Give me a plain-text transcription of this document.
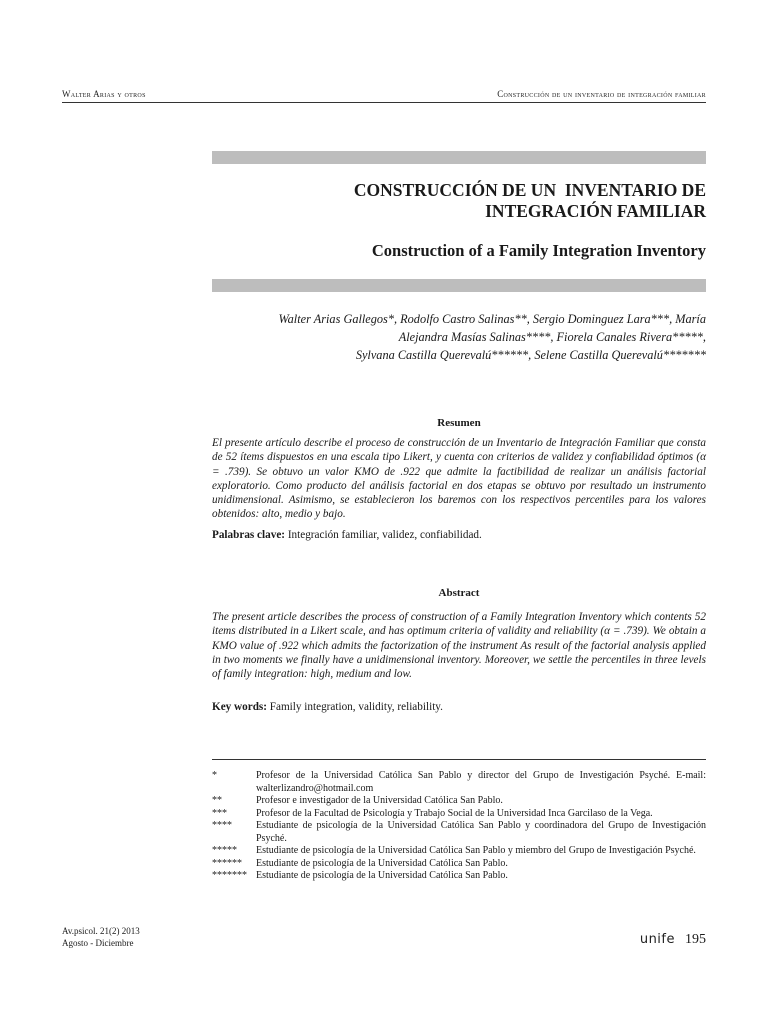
Walter Arias y otros	Construcción de un inventario de integración familiar
CONSTRUCCIÓN DE UN  INVENTARIO DE
INTEGRACIÓN FAMILIAR
Construction of a Family Integration Inventory
Walter Arias Gallegos*, Rodolfo Castro Salinas**, Sergio Dominguez Lara***, María
Alejandra Masías Salinas****, Fiorela Canales Rivera*****,
Sylvana Castilla Querevalú******, Selene Castilla Querevalú*******
Resumen
El presente artículo describe el proceso de construcción de un Inventario de Integración Familiar que consta de 52 ítems dispuestos en una escala tipo Likert, y cuenta con criterios de validez y confiabilidad óptimos (α = .739). Se obtuvo un valor KMO de .922 que admite la factibilidad de realizar un análisis factorial exploratorio. Como producto del análisis factorial en dos etapas se obtuvo por resultado un instrumento unidimensional. Asimismo, se establecieron los baremos con los respectivos percentiles para los valores obtenidos: alto, medio y bajo.
Palabras clave: Integración familiar, validez, confiabilidad.
Abstract
The present article describes the process of construction of a Family Integration Inventory which contents 52 items distributed in a Likert scale, and has optimum criteria of validity and reliability (α = .739). We obtain a KMO value of .922 which admits the factorization of the instrument As result of the factorial analysis applied in two moments we finally have a unidimensional inventory. Moreover, we settle the percentiles in three levels of family integration: high, medium and low.
Key words: Family integration, validity, reliability.
*	Profesor de la Universidad Católica San Pablo y director del Grupo de Investigación Psyché. E-mail: walterlizandro@hotmail.com
**	Profesor e investigador de la Universidad Católica San Pablo.
***	Profesor de la Facultad de Psicología y Trabajo Social de la Universidad Inca Garcilaso de la Vega.
****	Estudiante de psicología de la Universidad Católica San Pablo y coordinadora del Grupo de Investigación Psyché.
*****	Estudiante de psicología de la Universidad Católica San Pablo y miembro del Grupo de Investigación Psyché.
******	Estudiante de psicología de la Universidad Católica San Pablo.
******* Estudiante de psicología de la Universidad Católica San Pablo.
Av.psicol. 21(2) 2013
Agosto - Diciembre	unife 195
